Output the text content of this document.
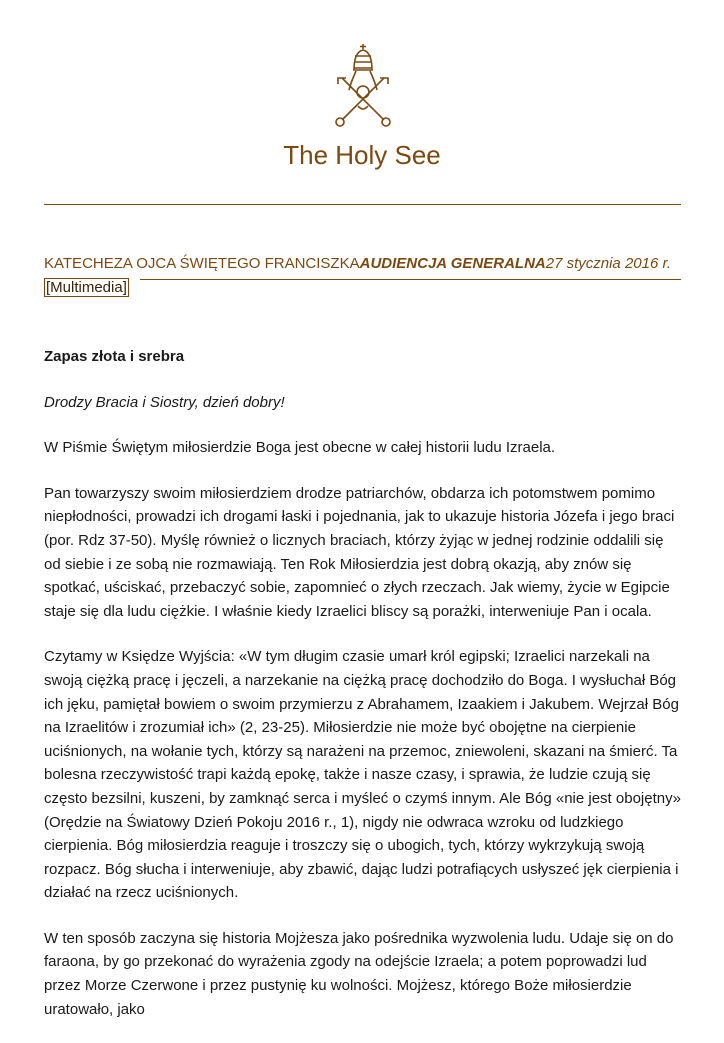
The Holy See
KATECHEZA OJCA ŚWIĘTEGO FRANCISZKAAUDIENCJA GENERALNA27 stycznia 2016 r.[Multimedia]

Zapas złota i srebra

Drodzy Bracia i Siostry, dzień dobry!

W Piśmie Świętym miłosierdzie Boga jest obecne w całej historii ludu Izraela.

Pan towarzyszy swoim miłosierdziem drodze patriarchów, obdarza ich potomstwem pomimo niepłodności, prowadzi ich drogami łaski i pojednania, jak to ukazuje historia Józefa i jego braci (por. Rdz 37-50). Myślę również o licznych braciach, którzy żyjąc w jednej rodzinie oddalili się od siebie i ze sobą nie rozmawiają. Ten Rok Miłosierdzia jest dobrą okazją, aby znów się spotkać, uściskać, przebaczyć sobie, zapomnieć o złych rzeczach. Jak wiemy, życie w Egipcie staje się dla ludu ciężkie. I właśnie kiedy Izraelici bliscy są porażki, interweniuje Pan i ocala.

Czytamy w Księdze Wyjścia: «W tym długim czasie umarł król egipski; Izraelici narzekali na swoją ciężką pracę i jęczeli, a narzekanie na ciężką pracę dochodziło do Boga. I wysłuchał Bóg ich jęku, pamiętał bowiem o swoim przymierzu z Abrahamem, Izaakiem i Jakubem. Wejrzał Bóg na Izraelitów i zrozumiał ich» (2, 23-25). Miłosierdzie nie może być obojętne na cierpienie uciśnionych, na wołanie tych, którzy są narażeni na przemoc, zniewoleni, skazani na śmierć. Ta bolesna rzeczywistość trapi każdą epokę, także i nasze czasy, i sprawia, że ludzie czują się często bezsilni, kuszeni, by zamknąć serca i myśleć o czymś innym. Ale Bóg «nie jest obojętny» (Orędzie na Światowy Dzień Pokoju 2016 r., 1), nigdy nie odwraca wzroku od ludzkiego cierpienia. Bóg miłosierdzia reaguje i troszczy się o ubogich, tych, którzy wykrzykują swoją rozpacz. Bóg słucha i interweniuje, aby zbawić, dając ludzi potrafiących usłyszeć jęk cierpienia i działać na rzecz uciśnionych.

W ten sposób zaczyna się historia Mojżesza jako pośrednika wyzwolenia ludu. Udaje się on do faraona, by go przekonać do wyrażenia zgody na odejście Izraela; a potem poprowadzi lud przez Morze Czerwone i przez pustynię ku wolności. Mojżesz, którego Boże miłosierdzie uratowało, jako
